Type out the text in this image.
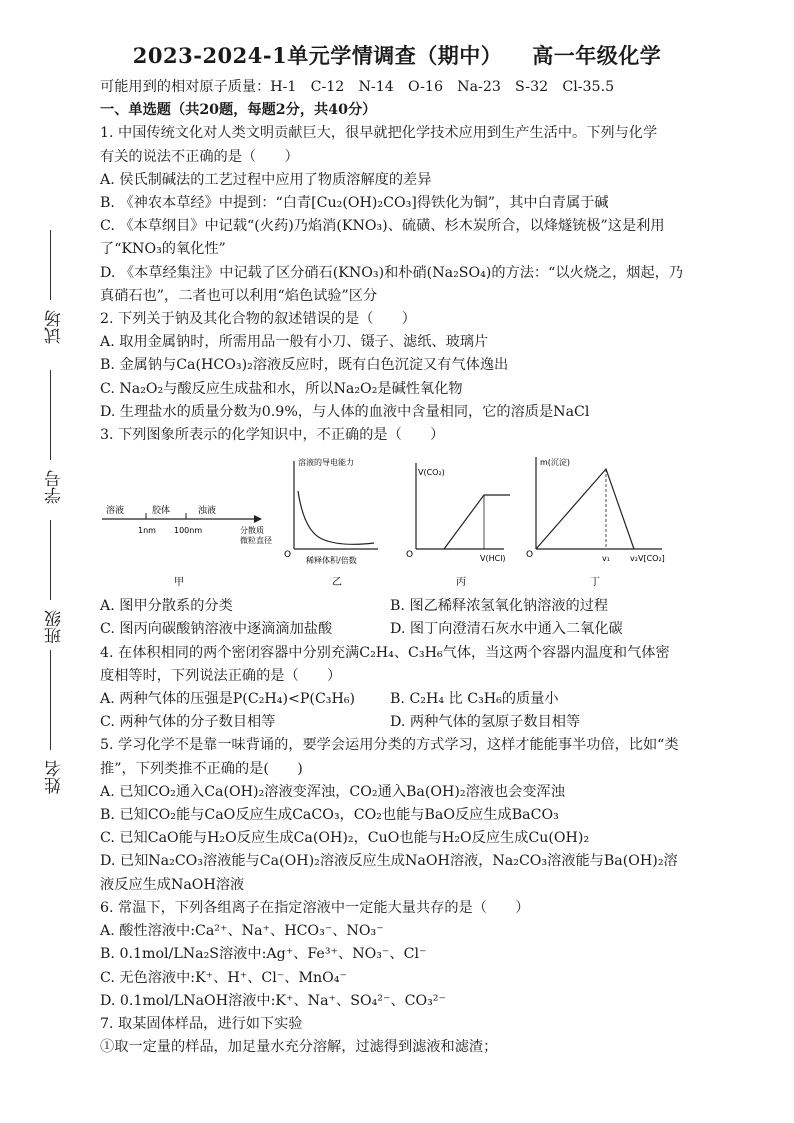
2023-2024-1单元学情调查（期中） 高一年级化学
试场
学号
班级
姓名

可能用到的相对原子质量：H-1　C-12　N-14　O-16　Na-23　S-32　Cl-35.5

一、单选题（共20题，每题2分，共40分）

1. 中国传统文化对人类文明贡献巨大，很早就把化学技术应用到生产生活中。下列与化学

有关的说法不正确的是（　　）

A. 侯氏制碱法的工艺过程中应用了物质溶解度的差异

B. 《神农本草经》中提到：“白青[Cu₂(OH)₂CO₃]得铁化为铜”，其中白青属于碱

C. 《本草纲目》中记载“(火药)乃焰消(KNO₃)、硫磺、杉木炭所合，以烽燧铳极”这是利用

了“KNO₃的氧化性”

D. 《本草经集注》中记载了区分硝石(KNO₃)和朴硝(Na₂SO₄)的方法：“以火烧之，烟起，乃

真硝石也”，二者也可以利用“焰色试验”区分

2. 下列关于钠及其化合物的叙述错误的是（　　）

A. 取用金属钠时，所需用品一般有小刀、镊子、滤纸、玻璃片

B. 金属钠与Ca(HCO₃)₂溶液反应时，既有白色沉淀又有气体逸出

C. Na₂O₂与酸反应生成盐和水，所以Na₂O₂是碱性氧化物

D. 生理盐水的质量分数为0.9%，与人体的血液中含量相同，它的溶质是NaCl

3. 下列图象所表示的化学知识中，不正确的是（　　）

溶液	胶体	浊液
1nm 100nm	分散质 微粒直径
甲
溶液的导电能力
稀释体积/倍数
O
乙
V(CO₂)
V(HCl)
O
丙
m(沉淀)
v₁	v₂ V[CO₂]
O
丁

A. 图甲分散系的分类	B. 图乙稀释浓氢氧化钠溶液的过程

C. 图丙向碳酸钠溶液中逐滴滴加盐酸	D. 图丁向澄清石灰水中通入二氧化碳

4. 在体积相同的两个密闭容器中分别充满C₂H₄、C₃H₆气体，当这两个容器内温度和气体密

度相等时，下列说法正确的是（　　）

A. 两种气体的压强是P(C₂H₄)<P(C₃H₆)	B. C₂H₄ 比 C₃H₆的质量小

C. 两种气体的分子数目相等	D. 两种气体的氢原子数目相等

5. 学习化学不是靠一味背诵的，要学会运用分类的方式学习，这样才能能事半功倍，比如“类

推”，下列类推不正确的是(　　)

A. 已知CO₂通入Ca(OH)₂溶液变浑浊，CO₂通入Ba(OH)₂溶液也会变浑浊

B. 已知CO₂能与CaO反应生成CaCO₃，CO₂也能与BaO反应生成BaCO₃

C. 已知CaO能与H₂O反应生成Ca(OH)₂，CuO也能与H₂O反应生成Cu(OH)₂

D. 已知Na₂CO₃溶液能与Ca(OH)₂溶液反应生成NaOH溶液，Na₂CO₃溶液能与Ba(OH)₂溶

液反应生成NaOH溶液

6. 常温下，下列各组离子在指定溶液中一定能大量共存的是（　　）

A. 酸性溶液中:Ca²⁺、Na⁺、HCO₃⁻、NO₃⁻

B. 0.1mol/LNa₂S溶液中:Ag⁺、Fe³⁺、NO₃⁻、Cl⁻

C. 无色溶液中:K⁺、H⁺、Cl⁻、MnO₄⁻

D. 0.1mol/LNaOH溶液中:K⁺、Na⁺、SO₄²⁻、CO₃²⁻

7. 取某固体样品，进行如下实验

①取一定量的样品，加足量水充分溶解，过滤得到滤液和滤渣；
